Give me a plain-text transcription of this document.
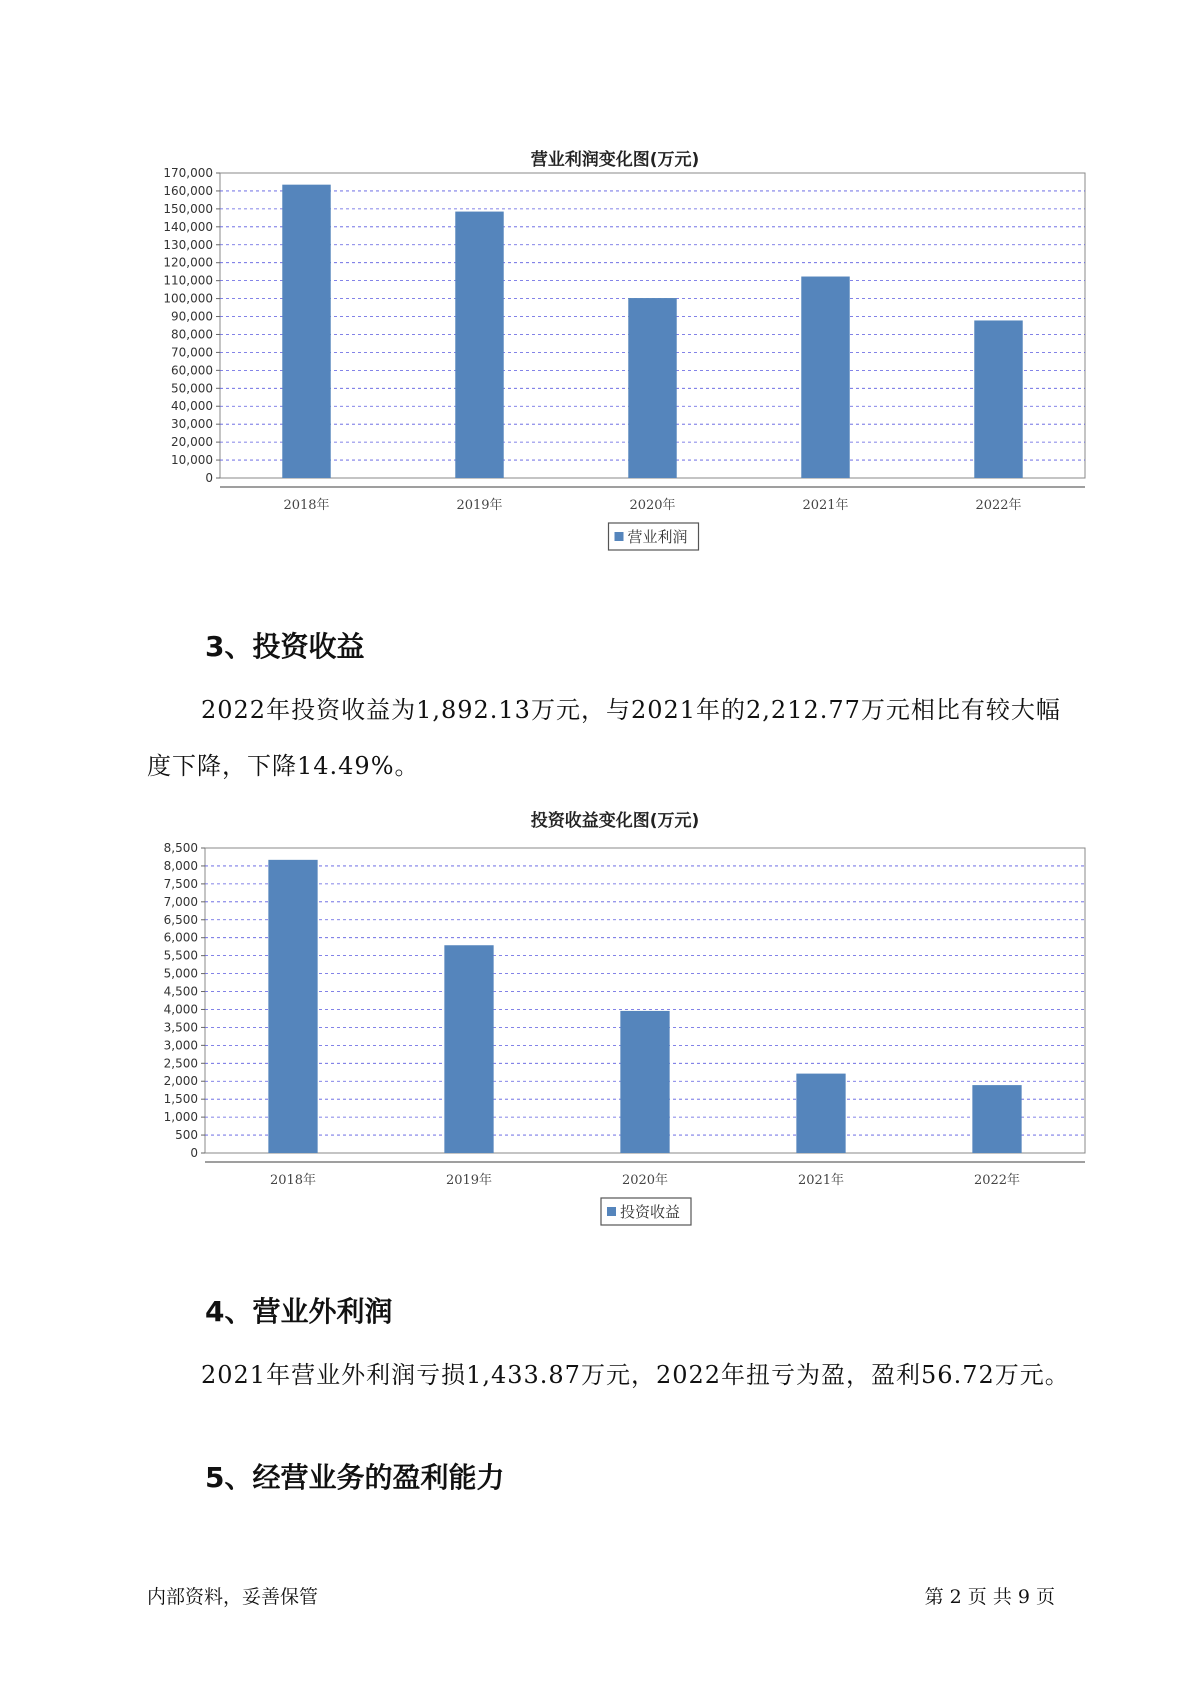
营业利润变化图(万元)
0
10,000
20,000
30,000
40,000
50,000
60,000
70,000
80,000
90,000
100,000
110,000
120,000
130,000
140,000
150,000
160,000
170,000
2018年	2019年	2020年	2021年	2022年
营业利润
3、投资收益
2022年投资收益为1,892.13万元，与2021年的2,212.77万元相比有较大幅度下降，下降14.49%。
投资收益变化图(万元)
0
500
1,000
1,500
2,000
2,500
3,000
3,500
4,000
4,500
5,000
5,500
6,000
6,500
7,000
7,500
8,000
8,500
2018年	2019年	2020年	2021年	2022年
投资收益
4、营业外利润
2021年营业外利润亏损1,433.87万元，2022年扭亏为盈，盈利56.72万元。
5、经营业务的盈利能力
内部资料，妥善保管	第 2 页 共 9 页
